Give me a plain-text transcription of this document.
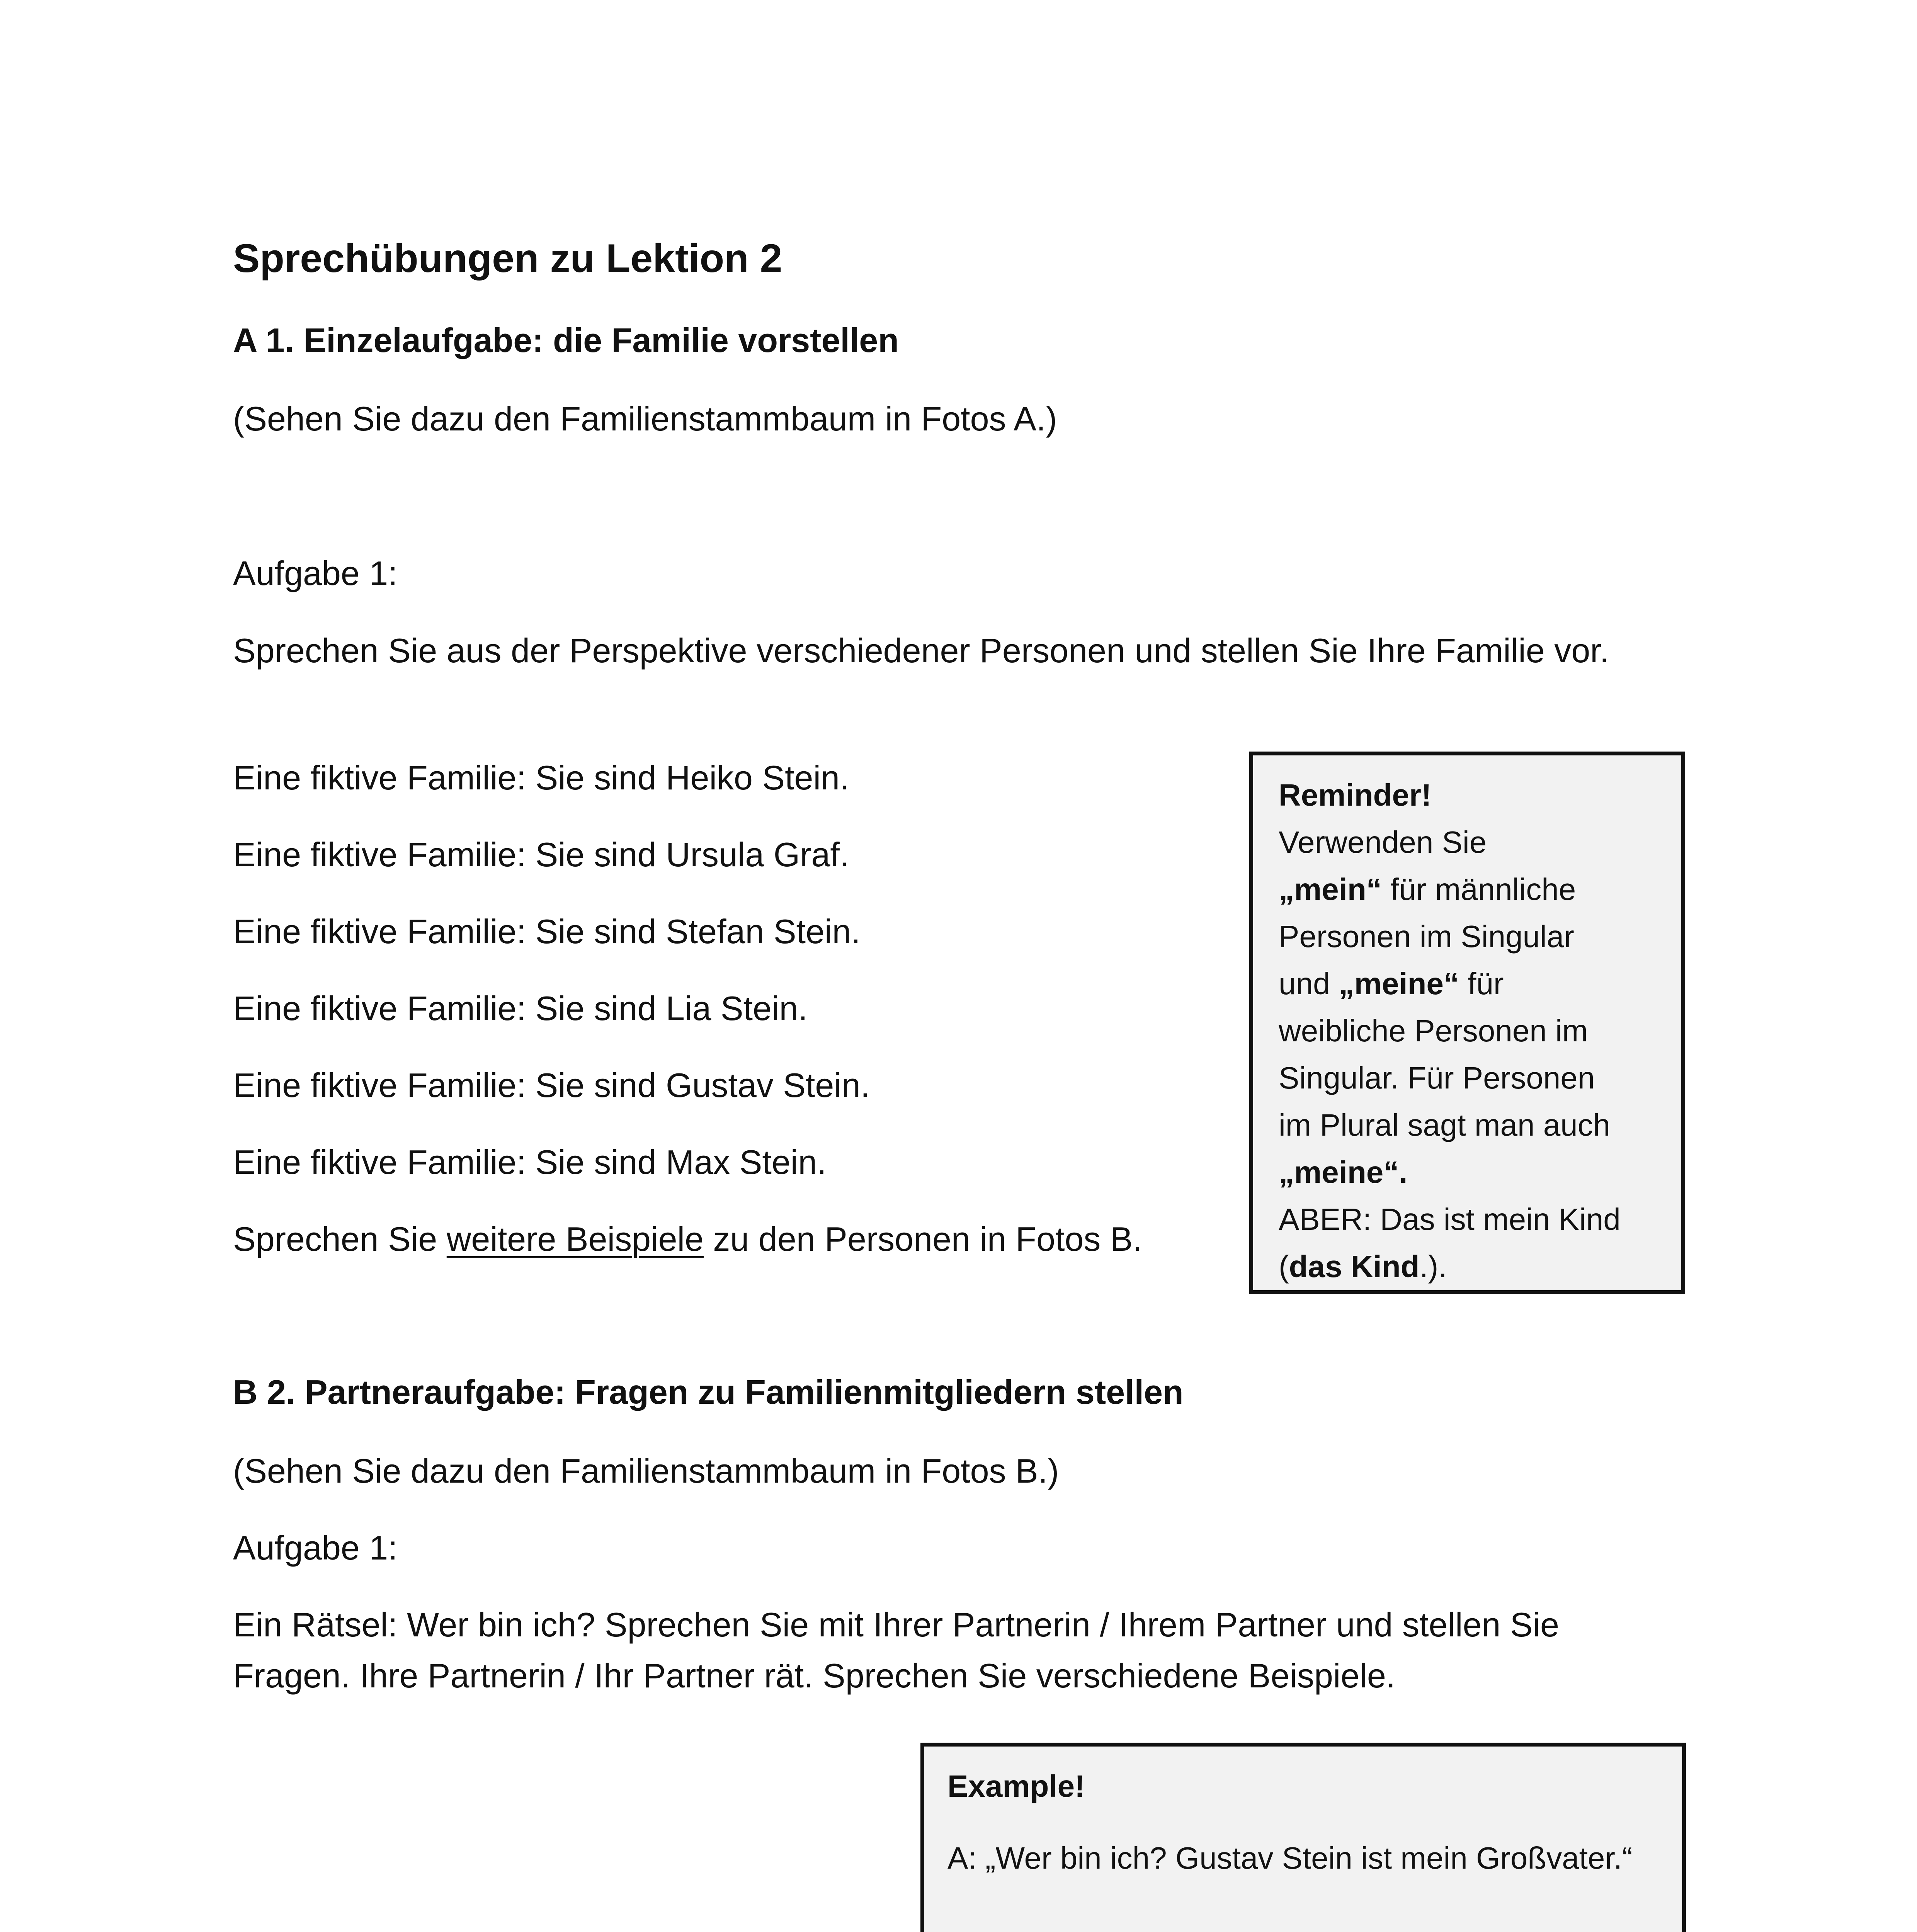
Sprechübungen zu Lektion 2
A 1. Einzelaufgabe: die Familie vorstellen
(Sehen Sie dazu den Familienstammbaum in Fotos A.)
Aufgabe 1:
Sprechen Sie aus der Perspektive verschiedener Personen und stellen Sie Ihre Familie vor.
Eine fiktive Familie: Sie sind Heiko Stein.
Eine fiktive Familie: Sie sind Ursula Graf.
Eine fiktive Familie: Sie sind Stefan Stein.
Eine fiktive Familie: Sie sind Lia Stein.
Eine fiktive Familie: Sie sind Gustav Stein.
Eine fiktive Familie: Sie sind Max Stein.
Sprechen Sie weitere Beispiele zu den Personen in Fotos B.
Reminder!
Verwenden Sie
„mein“ für männliche
Personen im Singular
und „meine“ für
weibliche Personen im
Singular. Für Personen
im Plural sagt man auch
„meine“.
ABER: Das ist mein Kind
(das Kind.).
B 2. Partneraufgabe: Fragen zu Familienmitgliedern stellen
(Sehen Sie dazu den Familienstammbaum in Fotos B.)
Aufgabe 1:
Ein Rätsel: Wer bin ich? Sprechen Sie mit Ihrer Partnerin / Ihrem Partner und stellen Sie
Fragen. Ihre Partnerin / Ihr Partner rät. Sprechen Sie verschiedene Beispiele.
Example!
A: „Wer bin ich? Gustav Stein ist mein Großvater.“
